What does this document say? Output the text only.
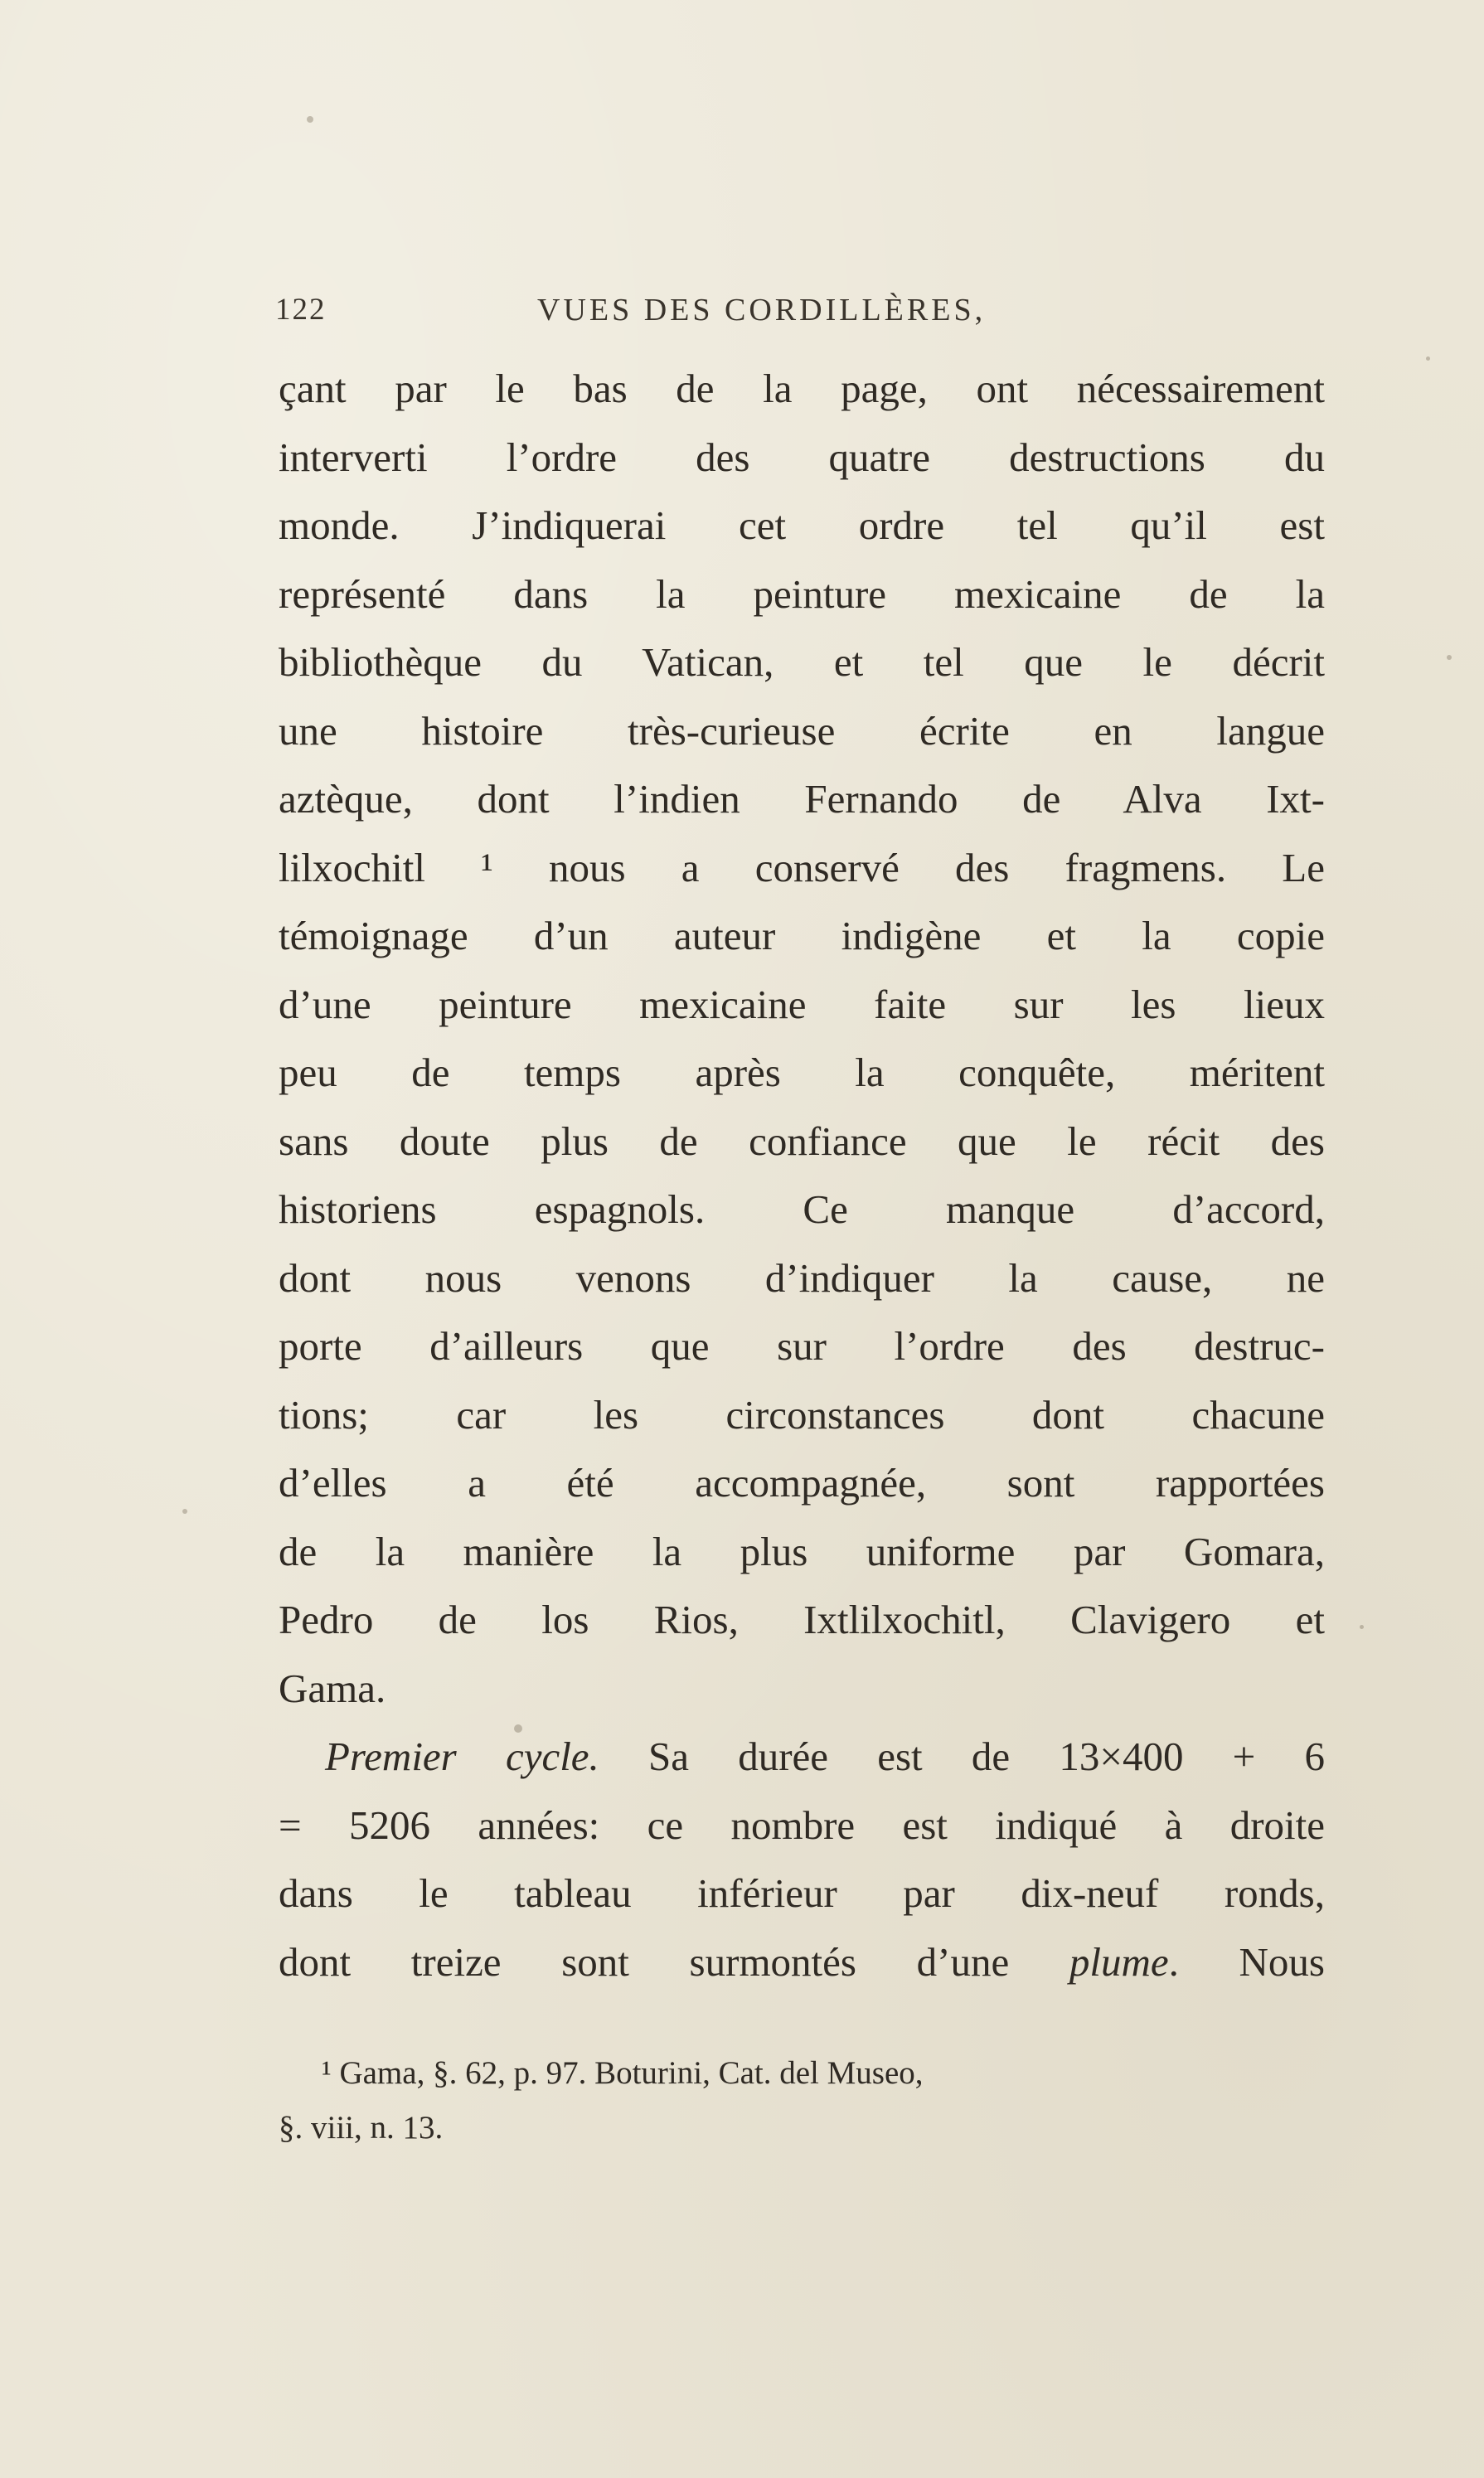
122	VUES DES CORDILLÈRES,
çant par le bas de la page, ont nécessairement
interverti l’ordre des quatre destructions du
monde. J’indiquerai cet ordre tel qu’il est
représenté dans la peinture mexicaine de la
bibliothèque du Vatican, et tel que le décrit
une histoire très-curieuse écrite en langue
aztèque, dont l’indien Fernando de Alva Ixt-
lilxochitl ¹ nous a conservé des fragmens. Le
témoignage d’un auteur indigène et la copie
d’une peinture mexicaine faite sur les lieux
peu de temps après la conquête, méritent
sans doute plus de confiance que le récit des
historiens espagnols. Ce manque d’accord,
dont nous venons d’indiquer la cause, ne
porte d’ailleurs que sur l’ordre des destruc-
tions; car les circonstances dont chacune
d’elles a été accompagnée, sont rapportées
de la manière la plus uniforme par Gomara,
Pedro de los Rios, Ixtlilxochitl, Clavigero et
Gama.
Premier cycle. Sa durée est de 13×400 + 6
= 5206 années: ce nombre est indiqué à droite
dans le tableau inférieur par dix-neuf ronds,
dont treize sont surmontés d’une plume. Nous
¹ Gama, §. 62, p. 97. Boturini, Cat. del Museo,
§. viii, n. 13.
